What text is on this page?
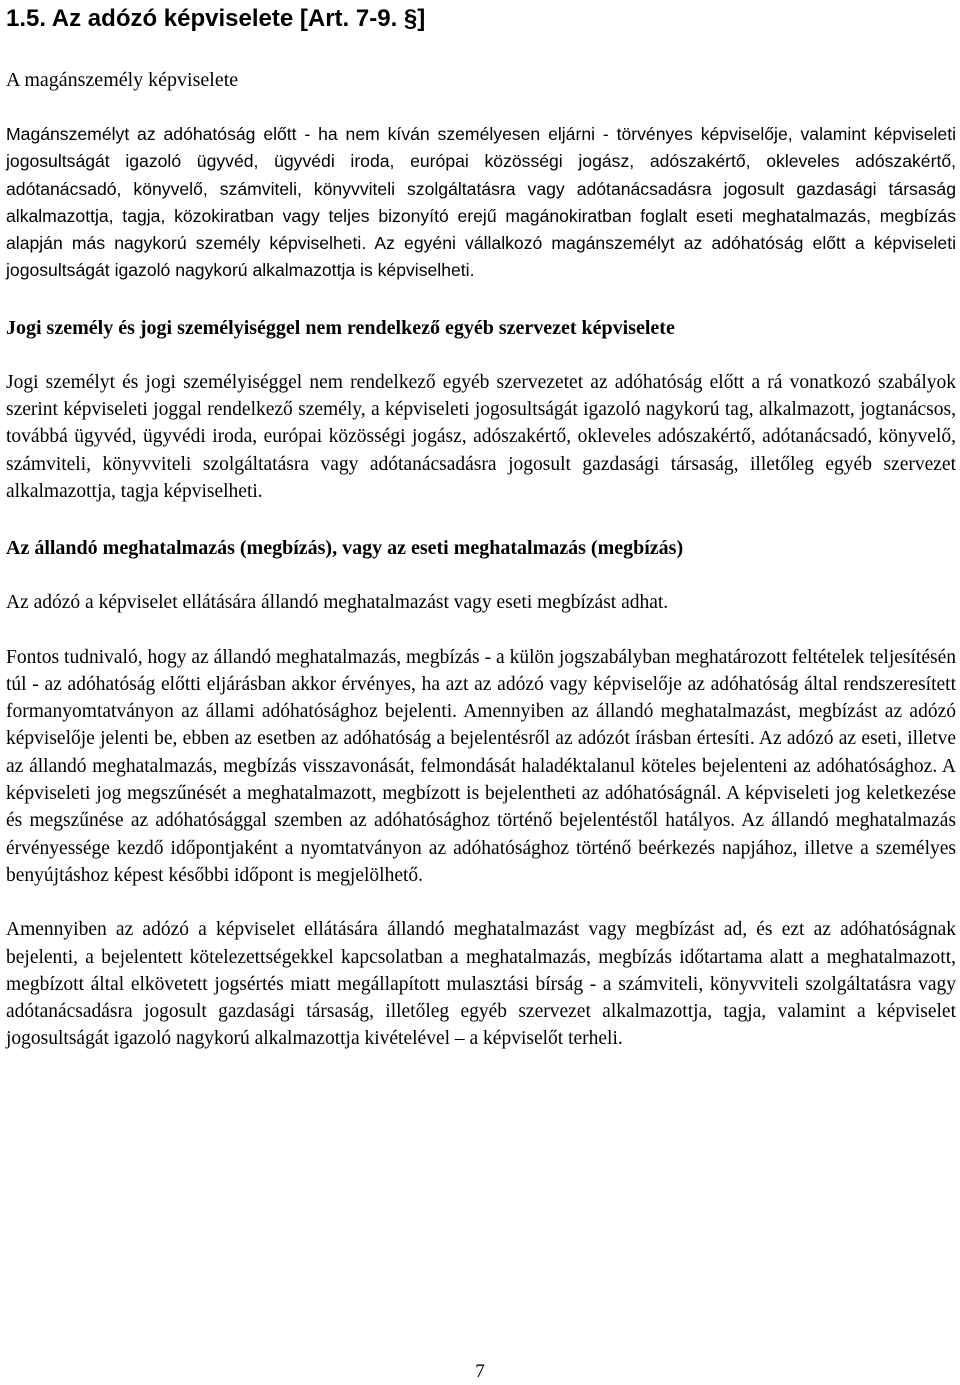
1.5. Az adózó képviselete [Art. 7-9. §]
A magánszemély képviselete

Magánszemélyt az adóhatóság előtt - ha nem kíván személyesen eljárni - törvényes képviselője, valamint képviseleti jogosultságát igazoló ügyvéd, ügyvédi iroda, európai közösségi jogász, adószakértő, okleveles adószakértő, adótanácsadó, könyvelő, számviteli, könyvviteli szolgáltatásra vagy adótanácsadásra jogosult gazdasági társaság alkalmazottja, tagja, közokiratban vagy teljes bizonyító erejű magánokiratban foglalt eseti meghatalmazás, megbízás alapján más nagykorú személy képviselheti. Az egyéni vállalkozó magánszemélyt az adóhatóság előtt a képviseleti jogosultságát igazoló nagykorú alkalmazottja is képviselheti.

Jogi személy és jogi személyiséggel nem rendelkező egyéb szervezet képviselete

Jogi személyt és jogi személyiséggel nem rendelkező egyéb szervezetet az adóhatóság előtt a rá vonatkozó szabályok szerint képviseleti joggal rendelkező személy, a képviseleti jogosultságát igazoló nagykorú tag, alkalmazott, jogtanácsos, továbbá ügyvéd, ügyvédi iroda, európai közösségi jogász, adószakértő, okleveles adószakértő, adótanácsadó, könyvelő, számviteli, könyvviteli szolgáltatásra vagy adótanácsadásra jogosult gazdasági társaság, illetőleg egyéb szervezet alkalmazottja, tagja képviselheti.

Az állandó meghatalmazás (megbízás), vagy az eseti meghatalmazás (megbízás)

Az adózó a képviselet ellátására állandó meghatalmazást vagy eseti megbízást adhat.

Fontos tudnivaló, hogy az állandó meghatalmazás, megbízás - a külön jogszabályban meghatározott feltételek teljesítésén túl - az adóhatóság előtti eljárásban akkor érvényes, ha azt az adózó vagy képviselője az adóhatóság által rendszeresített formanyomtatványon az állami adóhatósághoz bejelenti. Amennyiben az állandó meghatalmazást, megbízást az adózó képviselője jelenti be, ebben az esetben az adóhatóság a bejelentésről az adózót írásban értesíti. Az adózó az eseti, illetve az állandó meghatalmazás, megbízás visszavonását, felmondását haladéktalanul köteles bejelenteni az adóhatósághoz. A képviseleti jog megszűnését a meghatalmazott, megbízott is bejelentheti az adóhatóságnál. A képviseleti jog keletkezése és megszűnése az adóhatósággal szemben az adóhatósághoz történő bejelentéstől hatályos. Az állandó meghatalmazás érvényessége kezdő időpontjaként a nyomtatványon az adóhatósághoz történő beérkezés napjához, illetve a személyes benyújtáshoz képest későbbi időpont is megjelölhető.

Amennyiben az adózó a képviselet ellátására állandó meghatalmazást vagy megbízást ad, és ezt az adóhatóságnak bejelenti, a bejelentett kötelezettségekkel kapcsolatban a meghatalmazás, megbízás időtartama alatt a meghatalmazott, megbízott által elkövetett jogsértés miatt megállapított mulasztási bírság - a számviteli, könyvviteli szolgáltatásra vagy adótanácsadásra jogosult gazdasági társaság, illetőleg egyéb szervezet alkalmazottja, tagja, valamint a képviselet jogosultságát igazoló nagykorú alkalmazottja kivételével – a képviselőt terheli.

7
